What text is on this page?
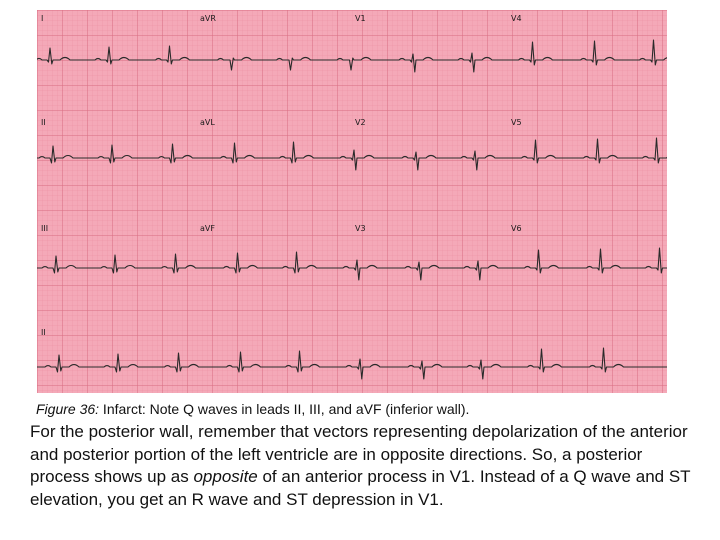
I	aVR	V1	V4
II	aVL	V2	V5
III	aVF	V3	V6
II
Figure 36: Infarct: Note Q waves in leads II, III, and aVF (inferior wall).

For the posterior wall, remember that vectors representing depolarization of the anterior and posterior portion of the left ventricle are in opposite directions. So, a posterior process shows up as opposite of an anterior process in V1. Instead of a Q wave and ST elevation, you get an R wave and ST depression in V1.
